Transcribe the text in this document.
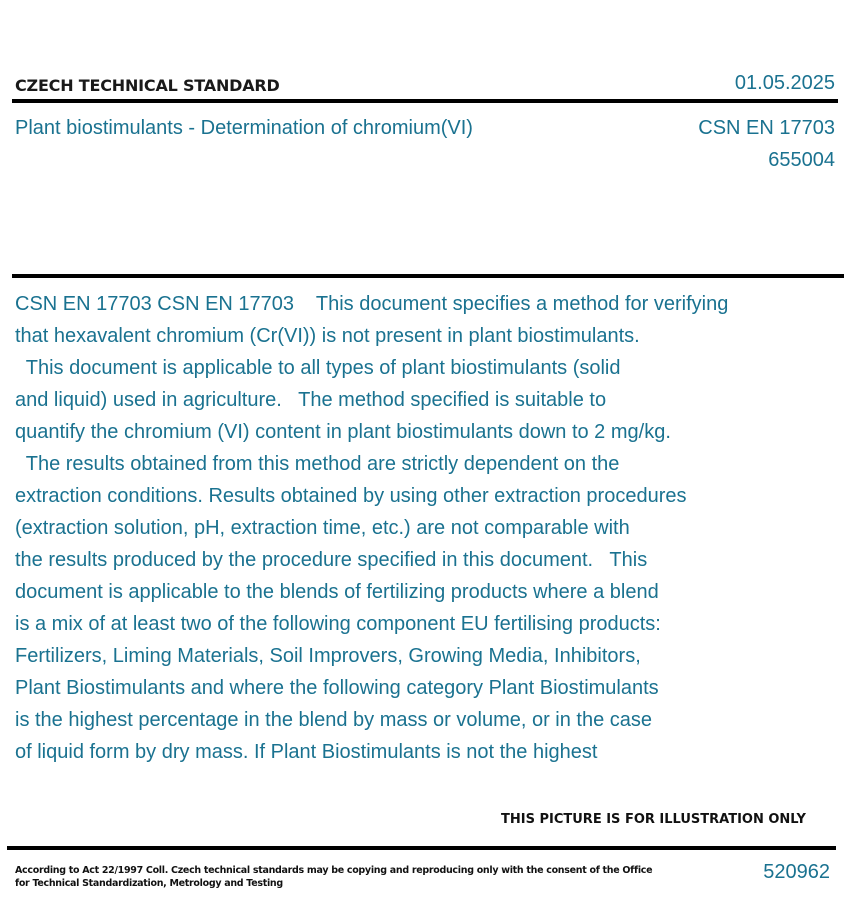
CZECH TECHNICAL STANDARD	01.05.2025
Plant biostimulants - Determination of chromium(VI)	CSN EN 17703
655004
CSN EN 17703 CSN EN 17703    This document specifies a method for verifying
that hexavalent chromium (Cr(VI)) is not present in plant biostimulants.
This document is applicable to all types of plant biostimulants (solid
and liquid) used in agriculture.   The method specified is suitable to
quantify the chromium (VI) content in plant biostimulants down to 2 mg/kg.
The results obtained from this method are strictly dependent on the
extraction conditions. Results obtained by using other extraction procedures
(extraction solution, pH, extraction time, etc.) are not comparable with
the results produced by the procedure specified in this document.   This
document is applicable to the blends of fertilizing products where a blend
is a mix of at least two of the following component EU fertilising products:
Fertilizers, Liming Materials, Soil Improvers, Growing Media, Inhibitors,
Plant Biostimulants and where the following category Plant Biostimulants
is the highest percentage in the blend by mass or volume, or in the case
of liquid form by dry mass. If Plant Biostimulants is not the highest
THIS PICTURE IS FOR ILLUSTRATION ONLY
According to Act 22/1997 Coll. Czech technical standards may be copying and reproducing only with the consent of the Office
for Technical Standardization, Metrology and Testing
520962
